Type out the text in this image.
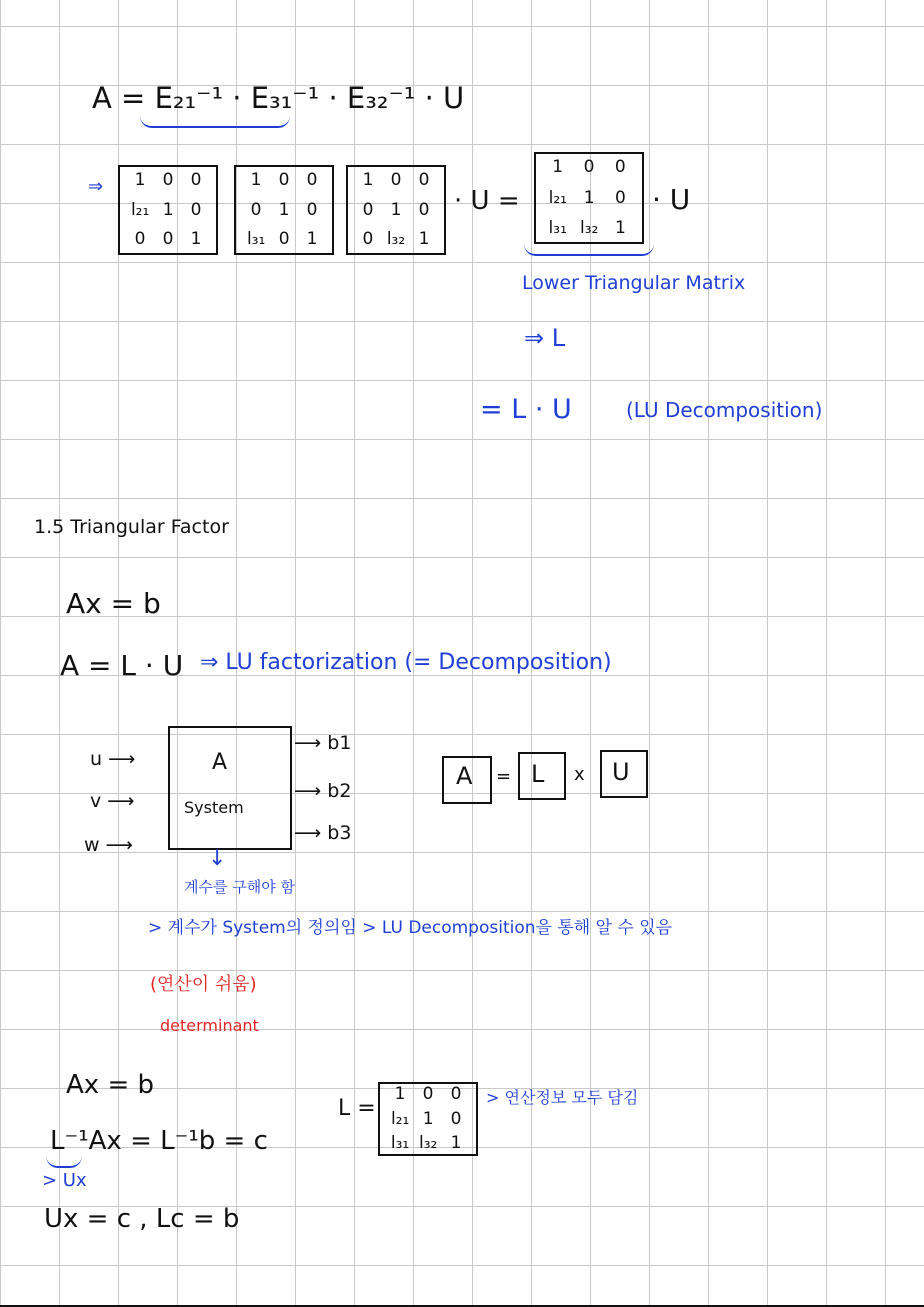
A = E₂₁⁻¹ · E₃₁⁻¹ · E₃₂⁻¹ · U
⇒ 1 0 0
l₂₁ 1 0
0 0 1
1 0 0
0 1 0
l₃₁ 0 1
1 0 0
0 1 0
0 l₃₂ 1
· U =
1 0 0
l₂₁ 1 0
l₃₁ l₃₂ 1
· U
Lower Triangular Matrix
⇒ L
= L · U	(LU Decomposition)
1.5 Triangular Factor
Ax = b
A = L · U ⇒ LU factorization (= Decomposition)
u ⟶
v ⟶
w ⟶
A
System
⟶ b1
⟶ b2
⟶ b3
↓
A = L x U
계수를 구해야 함
> 계수가 System의 정의임 > LU Decomposition을 통해 알 수 있음
(연산이 쉬움)
determinant
Ax = b
L⁻¹Ax = L⁻¹b = c
> Ux
Ux = c , Lc = b
L =
1 0 0
l₂₁ 1 0
l₃₁ l₃₂ 1
> 연산정보 모두 담김
